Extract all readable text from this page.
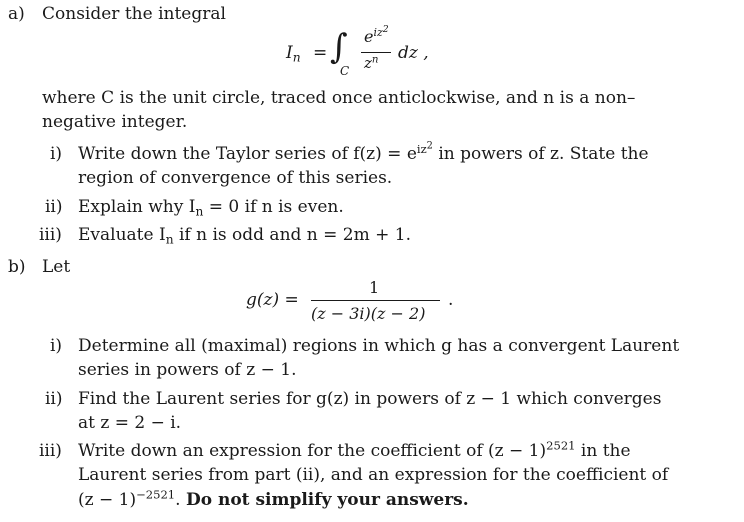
a) Consider the integral
$I_n$ = ∫
C
$e^{iz^2}$
$z^n$ dz ,
where C is the unit circle, traced once anticlockwise, and n is a non–
negative integer.
i) Write down the Taylor series of $f(z) = e^{iz^2}$ in powers of z. State the
region of convergence of this series.
ii) Explain why $I_n = 0$ if n is even.
iii) Evaluate $I_n$ if n is odd and n = 2m + 1.
b) Let
g(z) =
1
(z − 3i)(z − 2)
.
i) Determine all (maximal) regions in which g has a convergent Laurent
series in powers of z − 1.
ii) Find the Laurent series for g(z) in powers of z − 1 which converges
at z = 2 − i.
iii) Write down an expression for the coefficient of $(z - 1)^{2521}$ in the
Laurent series from part (ii), and an expression for the coefficient of
$(z - 1)^{-2521}$. Do not simplify your answers.
